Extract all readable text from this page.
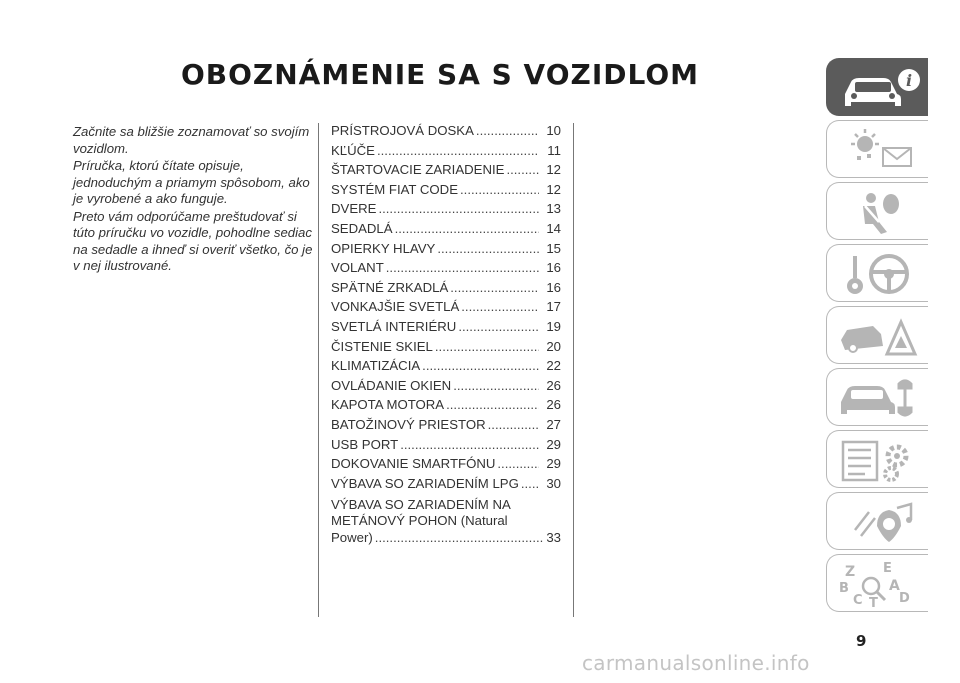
OBOZNÁMENIE SA S VOZIDLOM

Začnite sa bližšie zoznamovať so svojím vozidlom.

Príručka, ktorú čítate opisuje, jednoduchým a priamym spôsobom, ako je vyrobené a ako funguje.

Preto vám odporúčame preštudovať si túto príručku vo vozidle, pohodlne sediac na sedadle a ihneď si overiť všetko, čo je v nej ilustrované.

PRÍSTROJOVÁ DOSKA .....	10
KĽÚČE .....	11
ŠTARTOVACIE ZARIADENIE .....	12
SYSTÉM FIAT CODE .....	12
DVERE .....	13
SEDADLÁ .....	14
OPIERKY HLAVY .....	15
VOLANT .....	16
SPÄTNÉ ZRKADLÁ .....	16
VONKAJŠIE SVETLÁ .....	17
SVETLÁ INTERIÉRU .....	19
ČISTENIE SKIEL .....	20
KLIMATIZÁCIA .....	22
OVLÁDANIE OKIEN .....	26
KAPOTA MOTORA .....	26
BATOŽINOVÝ PRIESTOR .....	27
USB PORT .....	29
DOKOVANIE SMARTFÓNU .....	29
VÝBAVA SO ZARIADENÍM LPG .....	30
VÝBAVA SO ZARIADENÍM NA
METÁNOVÝ POHON (Natural
Power) .....	33
i
Z E
B	A
C T D
9
carmanualsonline.info
